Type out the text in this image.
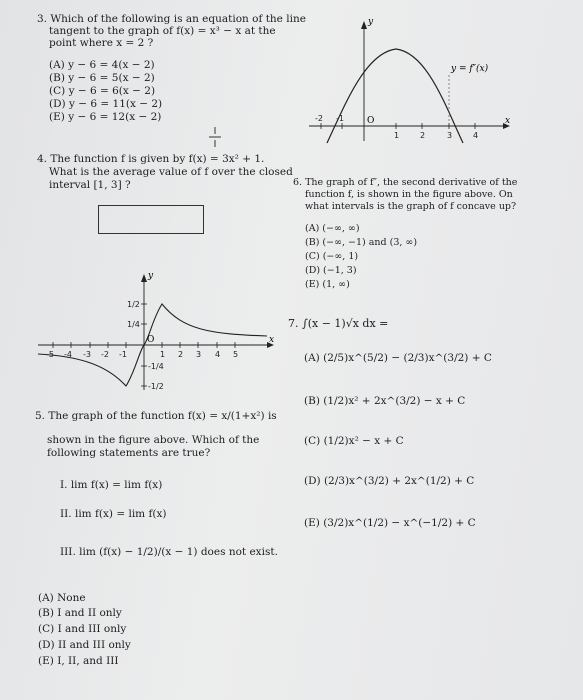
3. Which of the following is an equation of the line
tangent to the graph of f(x) = x³ − x at the
point where x = 2 ?
(A) y − 6 = 4(x − 2)
(B) y − 6 = 5(x − 2)
(C) y − 6 = 6(x − 2)
(D) y − 6 = 11(x − 2)
(E) y − 6 = 12(x − 2)
4. The function f is given by f(x) = 3x² + 1.
What is the average value of f over the closed
interval [1, 3] ?
y
x
O
-5 -4 -3 -2 -1	1 2 3 4 5
1/2
1/4
-1/4
-1/2
5. The graph of the function f(x) = x/(1+x²) is
shown in the figure above. Which of the
following statements are true?
I. lim f(x) = lim f(x)
II. lim f(x) = lim f(x)
III. lim (f(x) − 1/2)/(x − 1) does not exist.
(A) None
(B) I and II only
(C) I and III only
(D) II and III only
(E) I, II, and III
y
x
O
y = f″(x)
-2 -1
1	2	3	4
6. The graph of f″, the second derivative of the
function f, is shown in the figure above. On
what intervals is the graph of f concave up?
(A) (−∞, ∞)
(B) (−∞, −1) and (3, ∞)
(C) (−∞, 1)
(D) (−1, 3)
(E) (1, ∞)
7. ∫(x − 1)√x dx =
(A) (2/5)x^(5/2) − (2/3)x^(3/2) + C
(B) (1/2)x² + 2x^(3/2) − x + C
(C) (1/2)x² − x + C
(D) (2/3)x^(3/2) + 2x^(1/2) + C
(E) (3/2)x^(1/2) − x^(−1/2) + C
